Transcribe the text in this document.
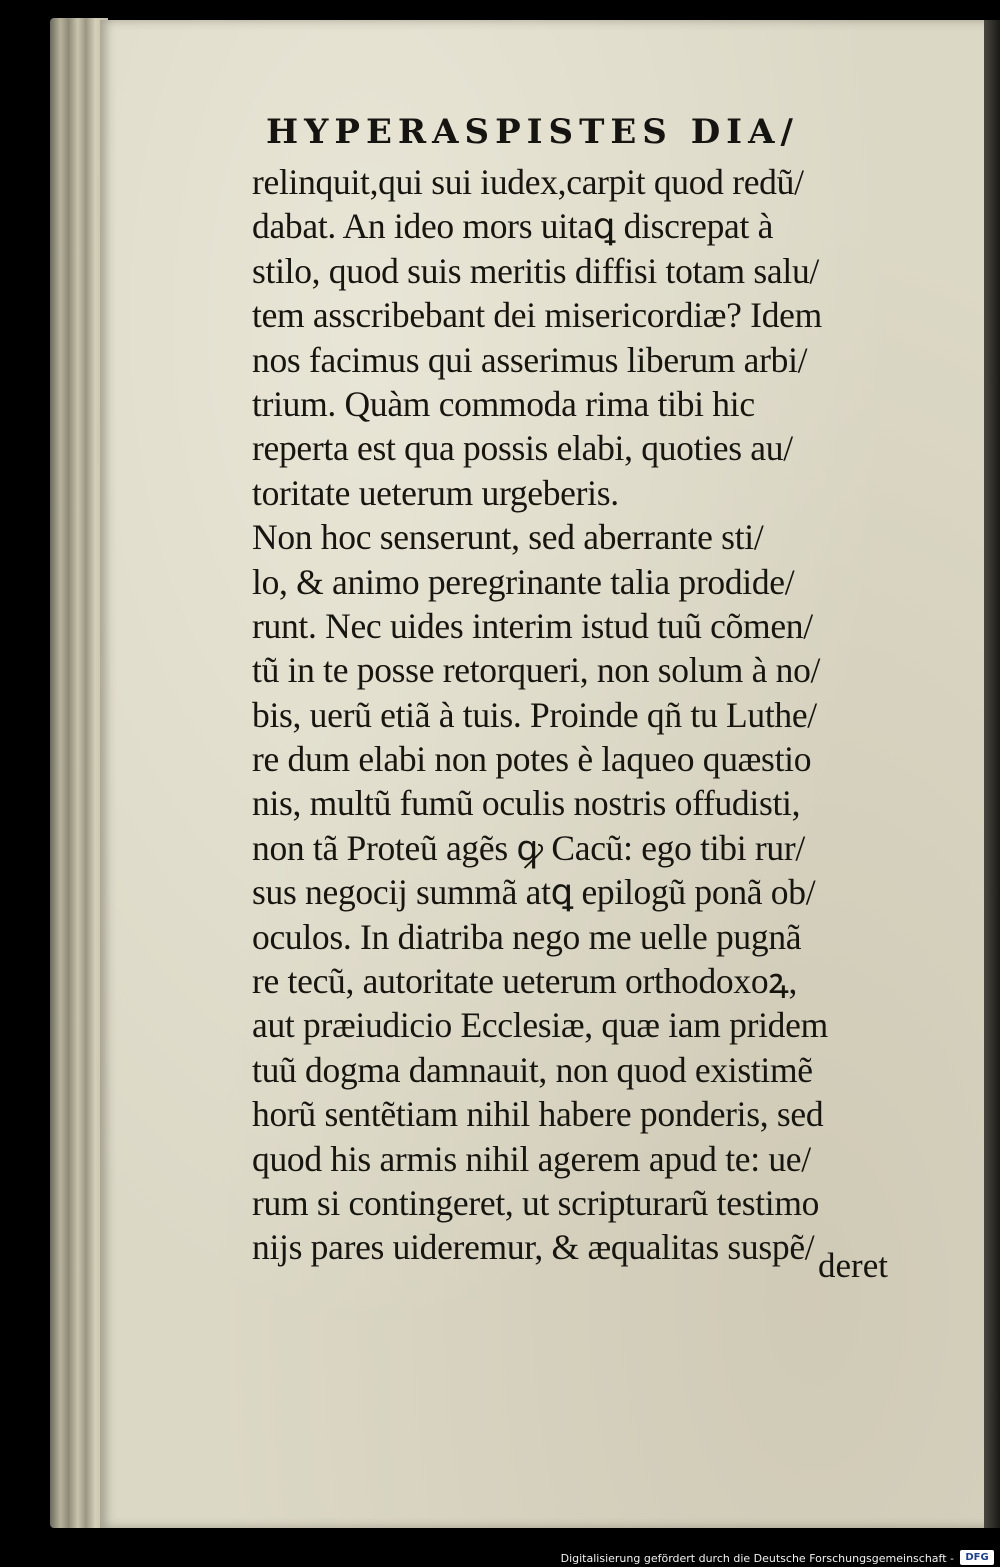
HYPERASPISTES DIA/
relinquit,qui sui iudex,carpit quod redũ/
dabat. An ideo mors uitaꝗ discrepat à
stilo, quod suis meritis diffisi totam salu/
tem asscribebant dei misericordiæ? Idem
nos facimus qui asserimus liberum arbi/
trium. Quàm commoda rima tibi hic
reperta est qua possis elabi, quoties au/
toritate ueterum urgeberis.
Non hoc senserunt, sed aberrante sti/
lo, & animo peregrinante talia prodide/
runt. Nec uides interim istud tuũ cõmen/
tũ in te posse retorqueri, non solum à no/
bis, uerũ etiã à tuis. Proinde qñ tu Luthe/
re dum elabi non potes è laqueo quæstio
nis, multũ fumũ oculis nostris offudisti,
non tã Proteũ agẽs ꝙ Cacũ: ego tibi rur/
sus negocij summã atꝗ epilogũ ponã ob/
oculos. In diatriba nego me uelle pugnã
re tecũ, autoritate ueterum orthodoxoꝝ,
aut præiudicio Ecclesiæ, quæ iam pridem
tuũ dogma damnauit, non quod existimẽ
horũ sentẽtiam nihil habere ponderis, sed
quod his armis nihil agerem apud te: ue/
rum si contingeret, ut scripturarũ testimo
nijs pares uideremur, & æqualitas suspẽ/ deret
Digitalisierung gefördert durch die Deutsche Forschungsgemeinschaft -	DFG
